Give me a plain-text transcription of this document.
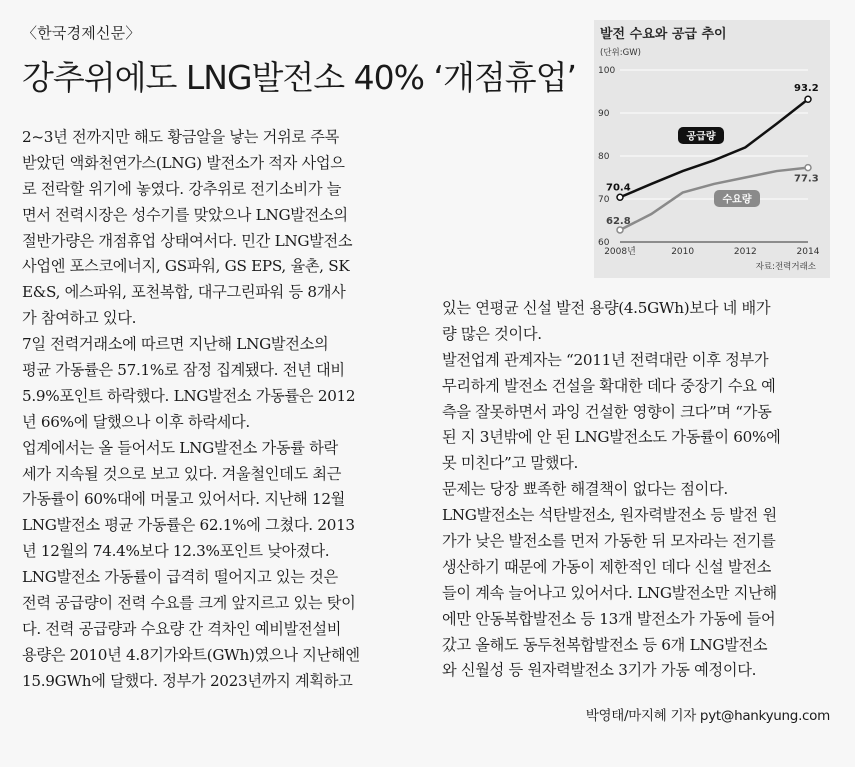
〈한국경제신문〉
강추위에도 LNG발전소 40% ‘개점휴업’
2~3년 전까지만 해도 황금알을 낳는 거위로 주목
받았던 액화천연가스(LNG) 발전소가 적자 사업으
로 전락할 위기에 놓였다. 강추위로 전기소비가 늘
면서 전력시장은 성수기를 맞았으나 LNG발전소의
절반가량은 개점휴업 상태여서다. 민간 LNG발전소
사업엔 포스코에너지, GS파워, GS EPS, 율촌, SK
E&S, 에스파워, 포천복합, 대구그린파워 등 8개사
가 참여하고 있다.
7일 전력거래소에 따르면 지난해 LNG발전소의
평균 가동률은 57.1%로 잠정 집계됐다. 전년 대비
5.9%포인트 하락했다. LNG발전소 가동률은 2012
년 66%에 달했으나 이후 하락세다.
업계에서는 올 들어서도 LNG발전소 가동률 하락
세가 지속될 것으로 보고 있다. 겨울철인데도 최근
가동률이 60%대에 머물고 있어서다. 지난해 12월
LNG발전소 평균 가동률은 62.1%에 그쳤다. 2013
년 12월의 74.4%보다 12.3%포인트 낮아졌다.
LNG발전소 가동률이 급격히 떨어지고 있는 것은
전력 공급량이 전력 수요를 크게 앞지르고 있는 탓이
다. 전력 공급량과 수요량 간 격차인 예비발전설비
용량은 2010년 4.8기가와트(GWh)였으나 지난해엔
15.9GWh에 달했다. 정부가 2023년까지 계획하고
있는 연평균 신설 발전 용량(4.5GWh)보다 네 배가
량 많은 것이다.
발전업계 관계자는 “2011년 전력대란 이후 정부가
무리하게 발전소 건설을 확대한 데다 중장기 수요 예
측을 잘못하면서 과잉 건설한 영향이 크다”며 “가동
된 지 3년밖에 안 된 LNG발전소도 가동률이 60%에
못 미친다”고 말했다.
문제는 당장 뾰족한 해결책이 없다는 점이다.
LNG발전소는 석탄발전소, 원자력발전소 등 발전 원
가가 낮은 발전소를 먼저 가동한 뒤 모자라는 전기를
생산하기 때문에 가동이 제한적인 데다 신설 발전소
들이 계속 늘어나고 있어서다. LNG발전소만 지난해
에만 안동복합발전소 등 13개 발전소가 가동에 들어
갔고 올해도 동두천복합발전소 등 6개 LNG발전소
와 신월성 등 원자력발전소 3기가 가동 예정이다.
박영태/마지혜 기자 pyt@hankyung.com
발전 수요와 공급 추이
(단위:GW)
60
70
80
90
100
2008년	2010	2012	2014
자료:전력거래소
70.4
93.2
공급량
62.8
77.3
수요량
